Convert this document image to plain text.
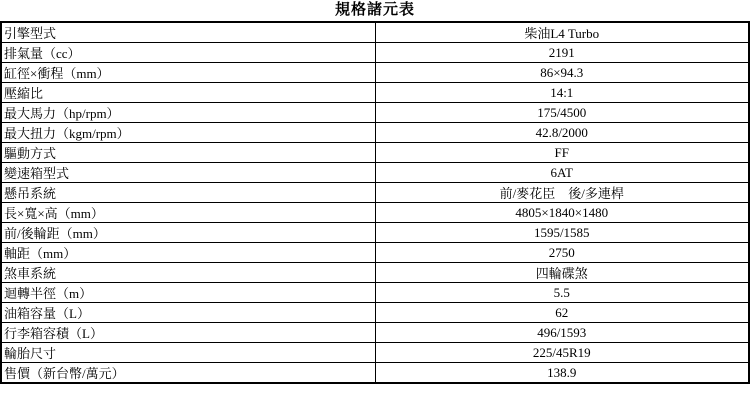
規格諸元表
引擎型式	柴油L4 Turbo
排氣量（cc）	2191
缸徑×衝程（mm）	86×94.3
壓縮比	14:1
最大馬力（hp/rpm）	175/4500
最大扭力（kgm/rpm）	42.8/2000
驅動方式	FF
變速箱型式	6AT
懸吊系統	前/麥花臣　後/多連桿
長×寬×高（mm）	4805×1840×1480
前/後輪距（mm）	1595/1585
軸距（mm）	2750
煞車系統	四輪碟煞
迴轉半徑（m）	5.5
油箱容量（L）	62
行李箱容積（L）	496/1593
輪胎尺寸	225/45R19
售價（新台幣/萬元）	138.9
